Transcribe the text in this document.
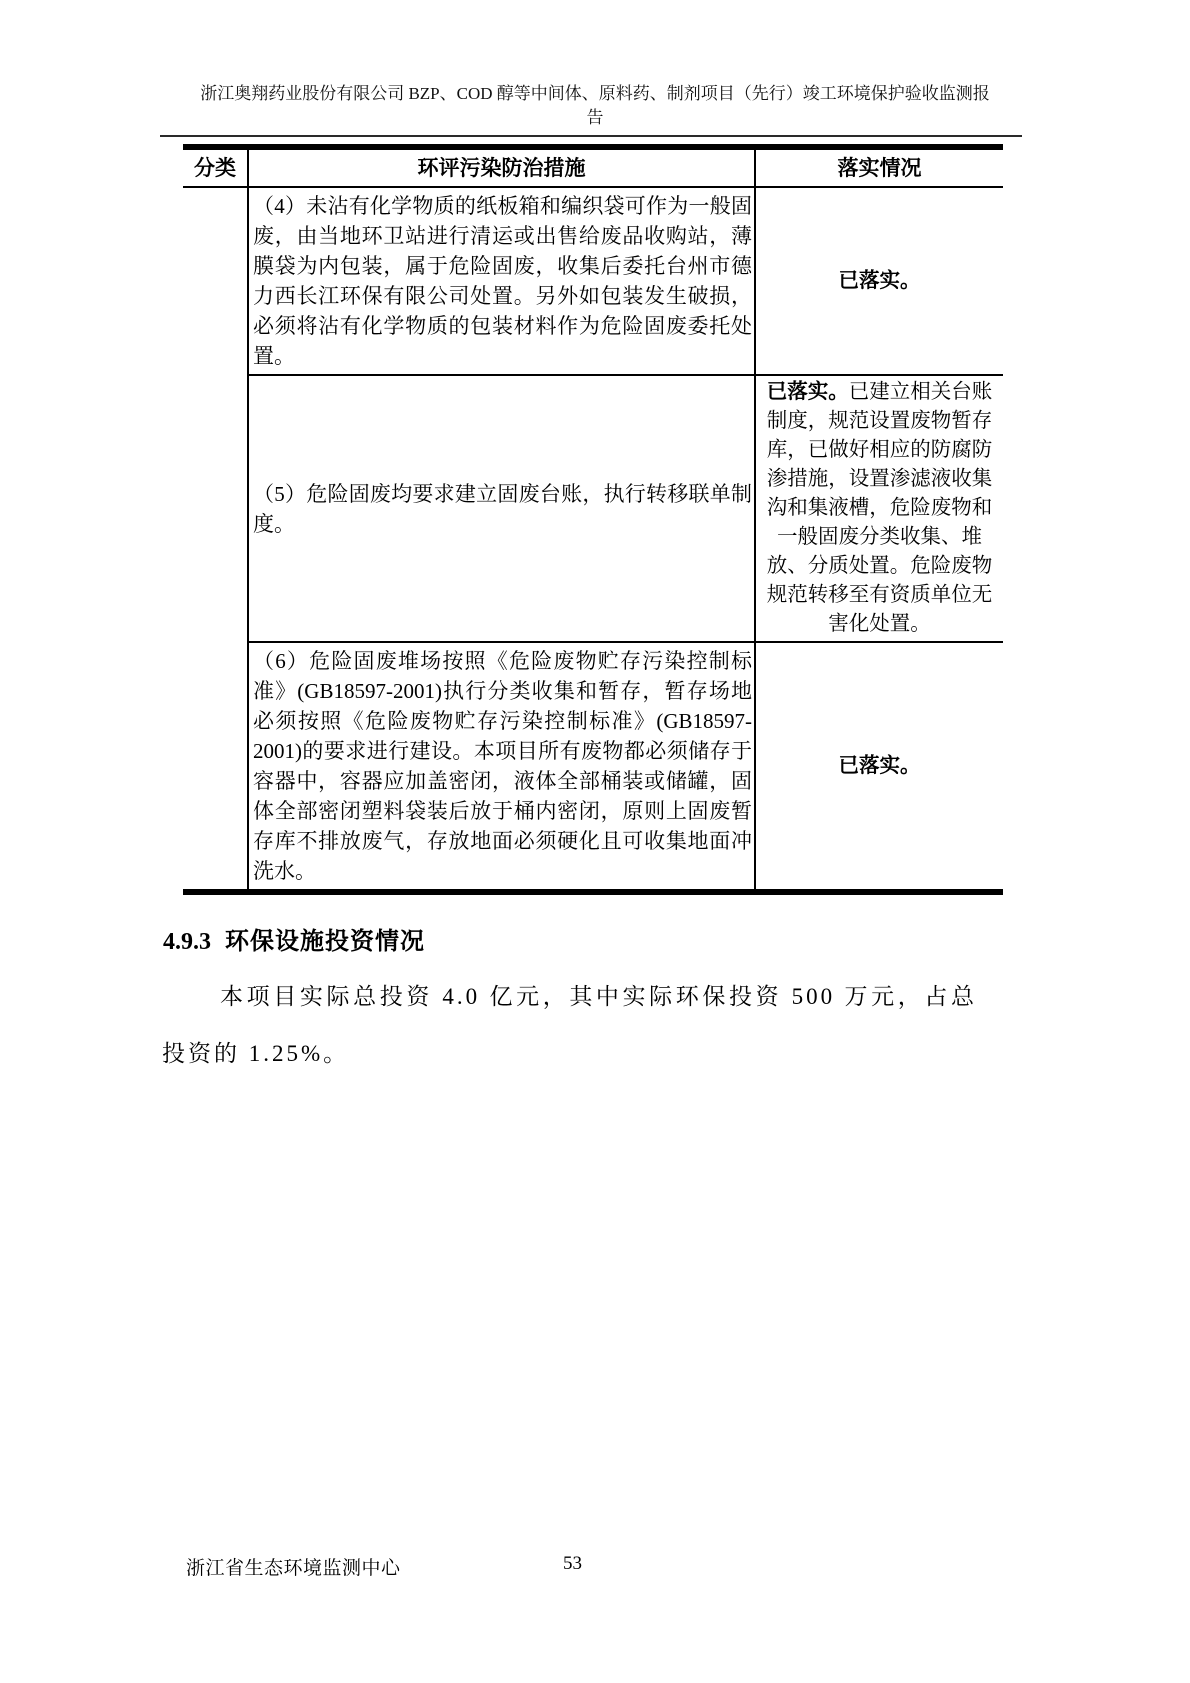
浙江奥翔药业股份有限公司 BZP、COD 醇等中间体、原料药、制剂项目（先行）竣工环境保护验收监测报
告
分类	环评污染防治措施	落实情况
	（4）未沾有化学物质的纸板箱和编织袋可作为一般固废，由当地环卫站进行清运或出售给废品收购站，薄膜袋为内包装，属于危险固废，收集后委托台州市德力西长江环保有限公司处置。另外如包装发生破损，必须将沾有化学物质的包装材料作为危险固废委托处置。	已落实。
	（5）危险固废均要求建立固废台账，执行转移联单制度。	已落实。已建立相关台账制度，规范设置废物暂存库，已做好相应的防腐防渗措施，设置渗滤液收集沟和集液槽，危险废物和一般固废分类收集、堆放、分质处置。危险废物规范转移至有资质单位无害化处置。
	（6）危险固废堆场按照《危险废物贮存污染控制标准》(GB18597-2001)执行分类收集和暂存，暂存场地必须按照《危险废物贮存污染控制标准》(GB18597-2001)的要求进行建设。本项目所有废物都必须储存于容器中，容器应加盖密闭，液体全部桶装或储罐，固体全部密闭塑料袋装后放于桶内密闭，原则上固废暂存库不排放废气，存放地面必须硬化且可收集地面冲洗水。	已落实。
4.9.3 环保设施投资情况
本项目实际总投资 4.0 亿元，其中实际环保投资 500 万元，占总投资的 1.25%。
浙江省生态环境监测中心	53
